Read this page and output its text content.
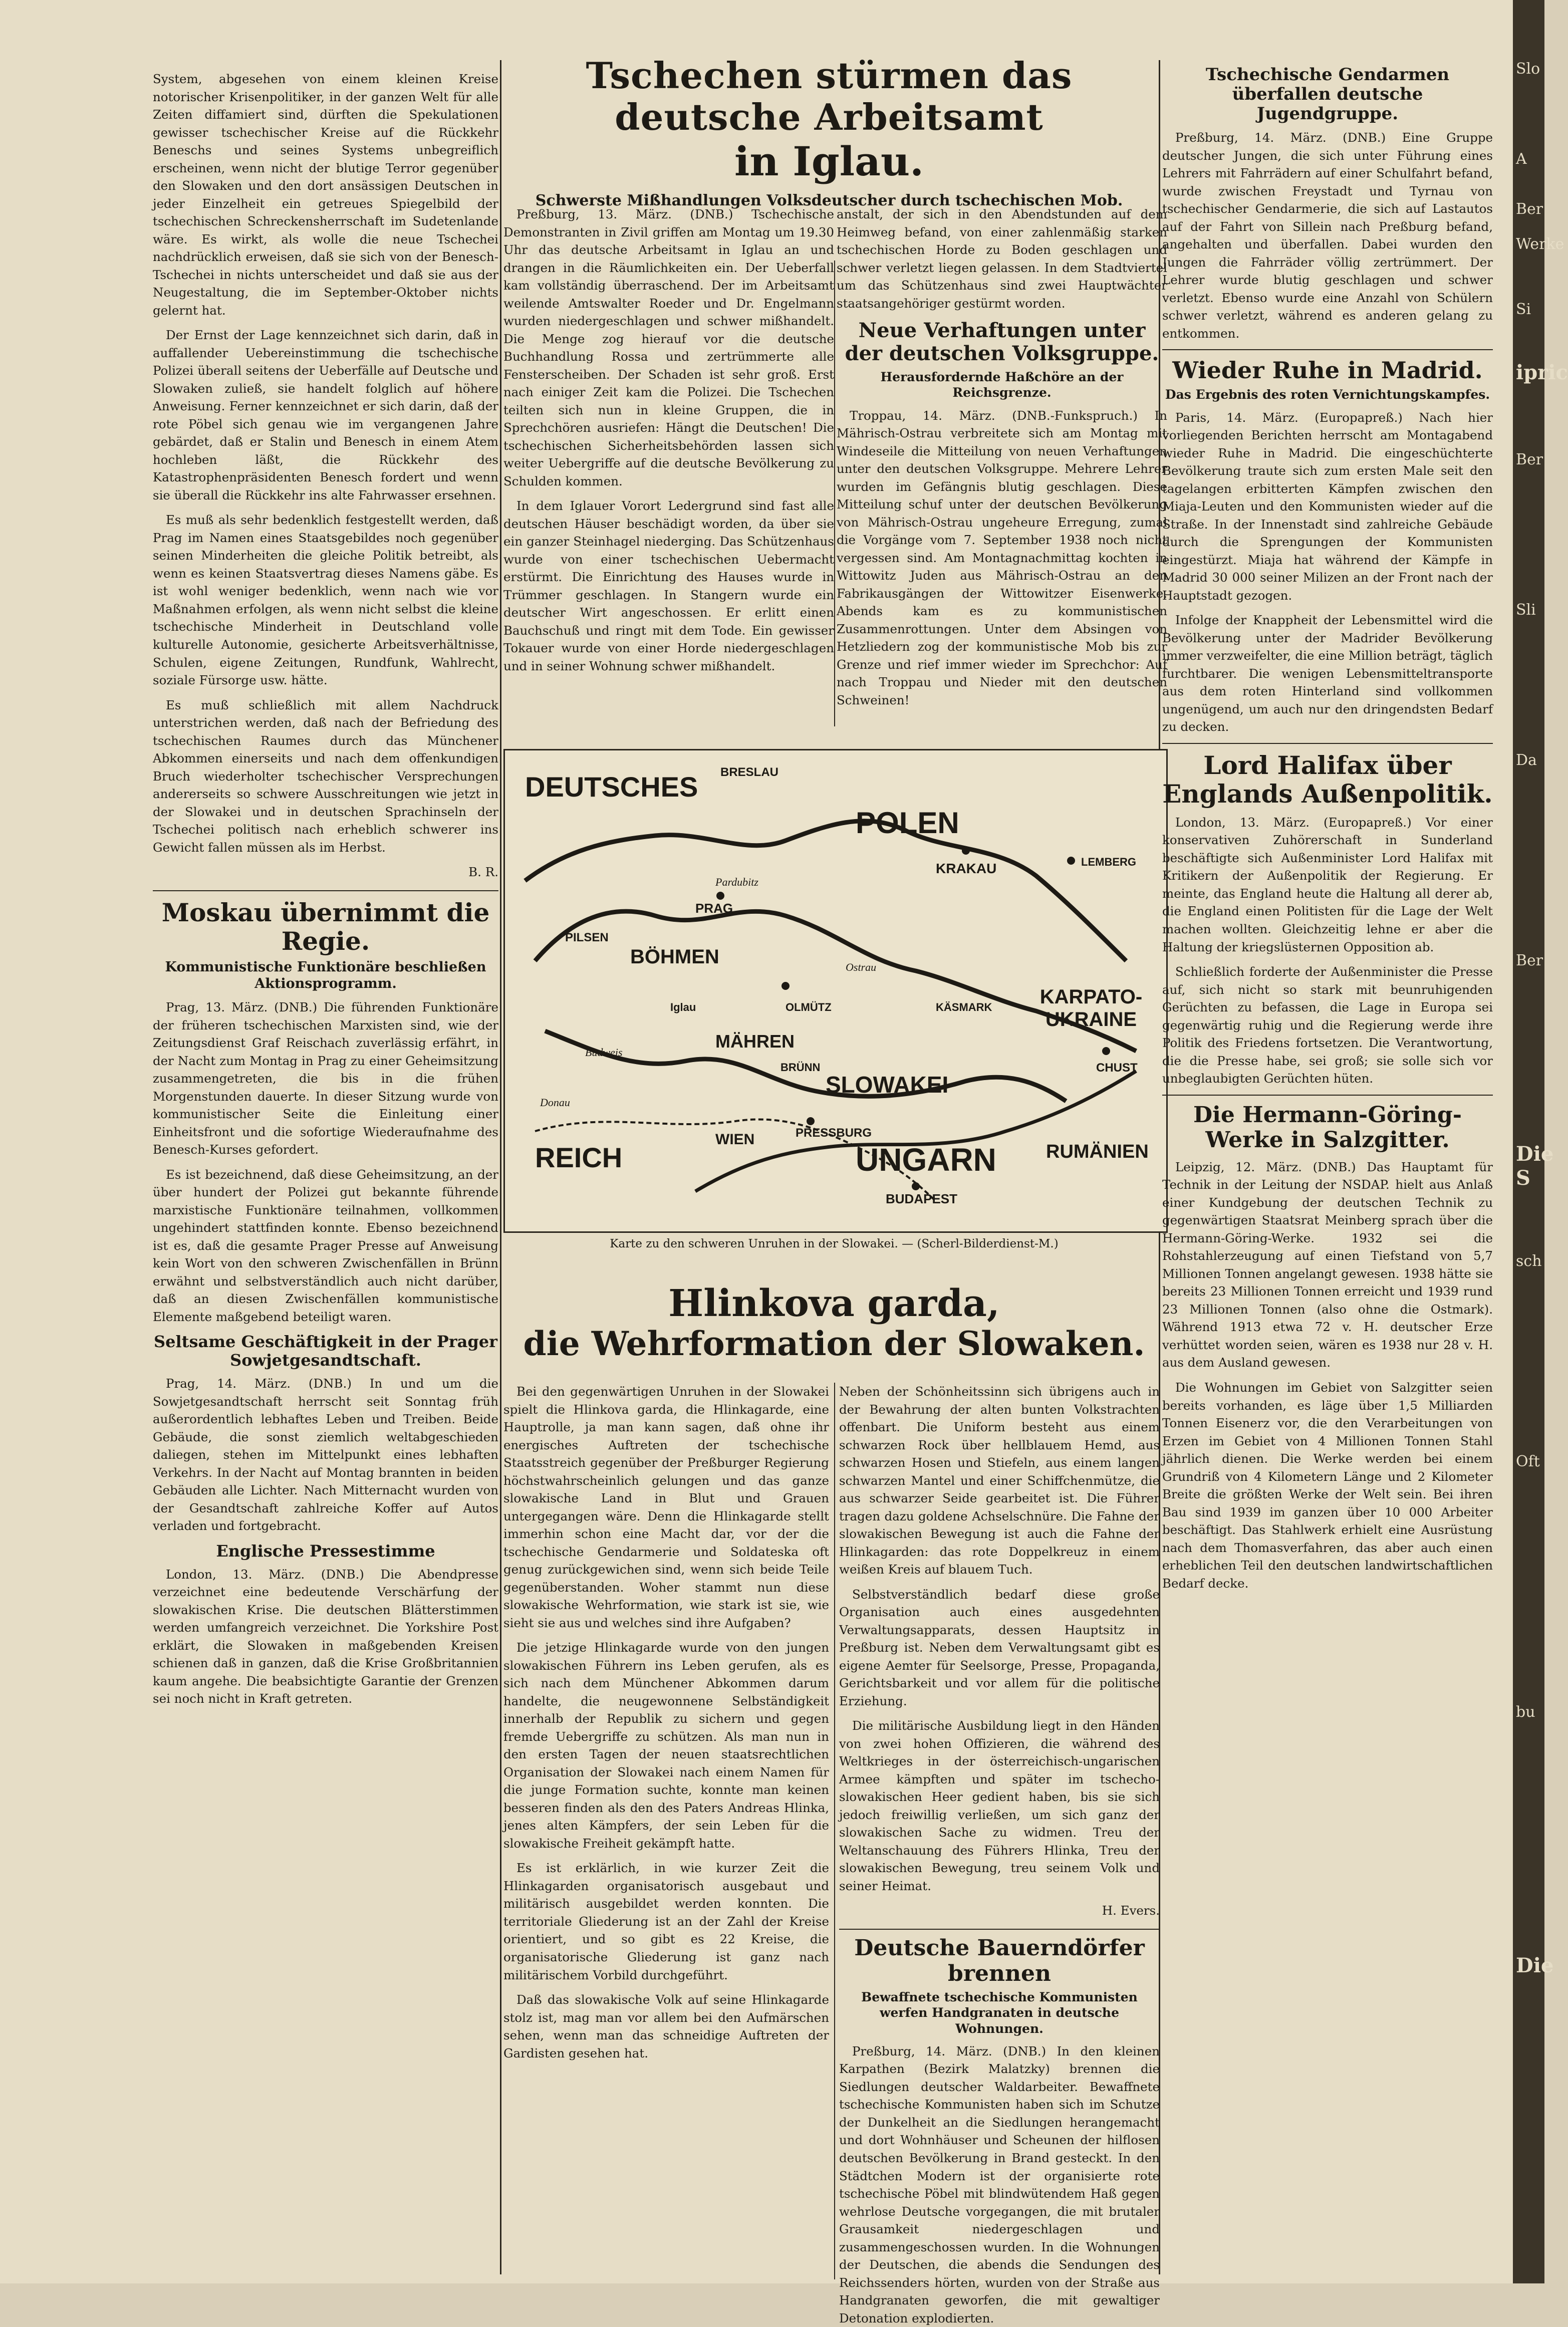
System, abgesehen von einem kleinen Kreise notorischer Krisenpolitiker, in der ganzen Welt für alle Zeiten diffamiert sind, dürften die Spekulationen gewisser tschechischer Kreise auf die Rückkehr Beneschs und seines Systems unbegreiflich erscheinen, wenn nicht der blutige Terror gegenüber den Slowaken und den dort ansässigen Deutschen in jeder Einzelheit ein getreues Spiegelbild der tschechischen Schreckensherrschaft im Sudetenlande wäre. Es wirkt, als wolle die neue Tschechei nachdrücklich erweisen, daß sie sich von der Benesch-Tschechei in nichts unterscheidet und daß sie aus der Neugestaltung, die im September-Oktober nichts gelernt hat.

Der Ernst der Lage kennzeichnet sich darin, daß in auffallender Uebereinstimmung die tschechische Polizei überall seitens der Ueberfälle auf Deutsche und Slowaken zuließ, sie handelt folglich auf höhere Anweisung. Ferner kennzeichnet er sich darin, daß der rote Pöbel sich genau wie im vergangenen Jahre gebärdet, daß er Stalin und Benesch in einem Atem hochleben läßt, die Rückkehr des Katastrophenpräsidenten Benesch fordert und wenn sie überall die Rückkehr ins alte Fahrwasser ersehnen.

Es muß als sehr bedenklich festgestellt werden, daß Prag im Namen eines Staatsgebildes noch gegenüber seinen Minderheiten die gleiche Politik betreibt, als wenn es keinen Staatsvertrag dieses Namens gäbe. Es ist wohl weniger bedenklich, wenn nach wie vor Maßnahmen erfolgen, als wenn nicht selbst die kleine tschechische Minderheit in Deutschland volle kulturelle Autonomie, gesicherte Arbeitsverhältnisse, Schulen, eigene Zeitungen, Rundfunk, Wahlrecht, soziale Fürsorge usw. hätte.

Es muß schließlich mit allem Nachdruck unterstrichen werden, daß nach der Befriedung des tschechischen Raumes durch das Münchener Abkommen einerseits und nach dem offenkundigen Bruch wiederholter tschechischer Versprechungen andererseits so schwere Ausschreitungen wie jetzt in der Slowakei und in deutschen Sprachinseln der Tschechei politisch nach erheblich schwerer ins Gewicht fallen müssen als im Herbst.

B. R.

Moskau übernimmt die Regie.

Kommunistische Funktionäre beschließen Aktionsprogramm.

Prag, 13. März. (DNB.) Die führenden Funktionäre der früheren tschechischen Marxisten sind, wie der Zeitungsdienst Graf Reischach zuverlässig erfährt, in der Nacht zum Montag in Prag zu einer Geheimsitzung zusammengetreten, die bis in die frühen Morgenstunden dauerte. In dieser Sitzung wurde von kommunistischer Seite die Einleitung einer Einheitsfront und die sofortige Wiederaufnahme des Benesch-Kurses gefordert.

Es ist bezeichnend, daß diese Geheimsitzung, an der über hundert der Polizei gut bekannte führende marxistische Funktionäre teilnahmen, vollkommen ungehindert stattfinden konnte. Ebenso bezeichnend ist es, daß die gesamte Prager Presse auf Anweisung kein Wort von den schweren Zwischenfällen in Brünn erwähnt und selbstverständlich auch nicht darüber, daß an diesen Zwischenfällen kommunistische Elemente maßgebend beteiligt waren.

Seltsame Geschäftigkeit in der Prager Sowjetgesandtschaft.

Prag, 14. März. (DNB.) In und um die Sowjetgesandtschaft herrscht seit Sonntag früh außerordentlich lebhaftes Leben und Treiben. Beide Gebäude, die sonst ziemlich weltabgeschieden daliegen, stehen im Mittelpunkt eines lebhaften Verkehrs. In der Nacht auf Montag brannten in beiden Gebäuden alle Lichter. Nach Mitternacht wurden von der Gesandtschaft zahlreiche Koffer auf Autos verladen und fortgebracht.

Englische Pressestimme

London, 13. März. (DNB.) Die Abendpresse verzeichnet eine bedeutende Verschärfung der slowakischen Krise. Die deutschen Blätterstimmen werden umfangreich verzeichnet. Die Yorkshire Post erklärt, die Slowaken in maßgebenden Kreisen schienen daß in ganzen, daß die Krise Großbritannien kaum angehe. Die beabsichtigte Garantie der Grenzen sei noch nicht in Kraft getreten.

Tschechen stürmen das deutsche Arbeitsamt
in Iglau.
Schwerste Mißhandlungen Volksdeutscher durch tschechischen Mob.

Preßburg, 13. März. (DNB.) Tschechische Demonstranten in Zivil griffen am Montag um 19.30 Uhr das deutsche Arbeitsamt in Iglau an und drangen in die Räumlichkeiten ein. Der Ueberfall kam vollständig überraschend. Der im Arbeitsamt weilende Amtswalter Roeder und Dr. Engelmann wurden niedergeschlagen und schwer mißhandelt. Die Menge zog hierauf vor die deutsche Buchhandlung Rossa und zertrümmerte alle Fensterscheiben. Der Schaden ist sehr groß. Erst nach einiger Zeit kam die Polizei. Die Tschechen teilten sich nun in kleine Gruppen, die in Sprechchören ausriefen: Hängt die Deutschen! Die tschechischen Sicherheitsbehörden lassen sich weiter Uebergriffe auf die deutsche Bevölkerung zu Schulden kommen.

In dem Iglauer Vorort Ledergrund sind fast alle deutschen Häuser beschädigt worden, da über sie ein ganzer Steinhagel niederging. Das Schützenhaus wurde von einer tschechischen Uebermacht erstürmt. Die Einrichtung des Hauses wurde in Trümmer geschlagen. In Stangern wurde ein deutscher Wirt angeschossen. Er erlitt einen Bauchschuß und ringt mit dem Tode. Ein gewisser Tokauer wurde von einer Horde niedergeschlagen und in seiner Wohnung schwer mißhandelt.

anstalt, der sich in den Abendstunden auf dem Heimweg befand, von einer zahlenmäßig starken tschechischen Horde zu Boden geschlagen und schwer verletzt liegen gelassen. In dem Stadtviertel um das Schützenhaus sind zwei Hauptwächter staatsangehöriger gestürmt worden.

Neue Verhaftungen unter der deutschen Volksgruppe.

Herausfordernde Haßchöre an der Reichsgrenze.

Troppau, 14. März. (DNB.-Funkspruch.) In Mährisch-Ostrau verbreitete sich am Montag mit Windeseile die Mitteilung von neuen Verhaftungen unter den deutschen Volksgruppe. Mehrere Lehrer wurden im Gefängnis blutig geschlagen. Diese Mitteilung schuf unter der deutschen Bevölkerung von Mährisch-Ostrau ungeheure Erregung, zumal die Vorgänge vom 7. September 1938 noch nicht vergessen sind. Am Montagnachmittag kochten in Wittowitz Juden aus Mährisch-Ostrau an den Fabrikausgängen der Wittowitzer Eisenwerke. Abends kam es zu kommunistischen Zusammenrottungen. Unter dem Absingen von Hetzliedern zog der kommunistische Mob bis zur Grenze und rief immer wieder im Sprechchor: Auf nach Troppau und Nieder mit den deutschen Schweinen!

DEUTSCHES BRESLAU
POLEN
PRAG
BÖHMEN
PILSEN
MÄHREN
BRÜNN
KRAKAU	LEMBERG
SLOWAKEI
KARPATO-UKRAINE
CHUST
REICH
WIEN	PRESSBURG
UNGARN
BUDAPEST
RUMÄNIEN
OLMÜTZ	KÄSMARK
Donau
Budweis
Iglau
Pardubitz
Ostrau
Karte zu den schweren Unruhen in der Slowakei. — (Scherl-Bilderdienst-M.)
Hlinkova garda,
die Wehrformation der Slowaken.

Bei den gegenwärtigen Unruhen in der Slowakei spielt die Hlinkova garda, die Hlinkagarde, eine Hauptrolle, ja man kann sagen, daß ohne ihr energisches Auftreten der tschechische Staatsstreich gegenüber der Preßburger Regierung höchstwahrscheinlich gelungen und das ganze slowakische Land in Blut und Grauen untergegangen wäre. Denn die Hlinkagarde stellt immerhin schon eine Macht dar, vor der die tschechische Gendarmerie und Soldateska oft genug zurückgewichen sind, wenn sich beide Teile gegenüberstanden. Woher stammt nun diese slowakische Wehrformation, wie stark ist sie, wie sieht sie aus und welches sind ihre Aufgaben?

Die jetzige Hlinkagarde wurde von den jungen slowakischen Führern ins Leben gerufen, als es sich nach dem Münchener Abkommen darum handelte, die neugewonnene Selbständigkeit innerhalb der Republik zu sichern und gegen fremde Uebergriffe zu schützen. Als man nun in den ersten Tagen der neuen staatsrechtlichen Organisation der Slowakei nach einem Namen für die junge Formation suchte, konnte man keinen besseren finden als den des Paters Andreas Hlinka, jenes alten Kämpfers, der sein Leben für die slowakische Freiheit gekämpft hatte.

Es ist erklärlich, in wie kurzer Zeit die Hlinkagarden organisatorisch ausgebaut und militärisch ausgebildet werden konnten. Die territoriale Gliederung ist an der Zahl der Kreise orientiert, und so gibt es 22 Kreise, die organisatorische Gliederung ist ganz nach militärischem Vorbild durchgeführt.

Daß das slowakische Volk auf seine Hlinkagarde stolz ist, mag man vor allem bei den Aufmärschen sehen, wenn man das schneidige Auftreten der Gardisten gesehen hat.

Neben der Schönheitssinn sich übrigens auch in der Bewahrung der alten bunten Volkstrachten offenbart. Die Uniform besteht aus einem schwarzen Rock über hellblauem Hemd, aus schwarzen Hosen und Stiefeln, aus einem langen schwarzen Mantel und einer Schiffchenmütze, die aus schwarzer Seide gearbeitet ist. Die Führer tragen dazu goldene Achselschnüre. Die Fahne der slowakischen Bewegung ist auch die Fahne der Hlinkagarden: das rote Doppelkreuz in einem weißen Kreis auf blauem Tuch.

Selbstverständlich bedarf diese große Organisation auch eines ausgedehnten Verwaltungsapparats, dessen Hauptsitz in Preßburg ist. Neben dem Verwaltungsamt gibt es eigene Aemter für Seelsorge, Presse, Propaganda, Gerichtsbarkeit und vor allem für die politische Erziehung.

Die militärische Ausbildung liegt in den Händen von zwei hohen Offizieren, die während des Weltkrieges in der österreichisch-ungarischen Armee kämpften und später im tschecho-slowakischen Heer gedient haben, bis sie sich jedoch freiwillig verließen, um sich ganz der slowakischen Sache zu widmen. Treu der Weltanschauung des Führers Hlinka, Treu der slowakischen Bewegung, treu seinem Volk und seiner Heimat.

H. Evers.

Deutsche Bauerndörfer brennen

Bewaffnete tschechische Kommunisten werfen Handgranaten in deutsche Wohnungen.

Preßburg, 14. März. (DNB.) In den kleinen Karpathen (Bezirk Malatzky) brennen die Siedlungen deutscher Waldarbeiter. Bewaffnete tschechische Kommunisten haben sich im Schutze der Dunkelheit an die Siedlungen herangemacht und dort Wohnhäuser und Scheunen der hilflosen deutschen Bevölkerung in Brand gesteckt. In den Städtchen Modern ist der organisierte rote tschechische Pöbel mit blindwütendem Haß gegen wehrlose Deutsche vorgegangen, die mit brutaler Grausamkeit niedergeschlagen und zusammengeschossen wurden. In die Wohnungen der Deutschen, die abends die Sendungen des Reichssenders hörten, wurden von der Straße aus Handgranaten geworfen, die mit gewaltiger Detonation explodierten.

Tschechische Gendarmen überfallen deutsche Jugendgruppe.

Preßburg, 14. März. (DNB.) Eine Gruppe deutscher Jungen, die sich unter Führung eines Lehrers mit Fahrrädern auf einer Schulfahrt befand, wurde zwischen Freystadt und Tyrnau von tschechischer Gendarmerie, die sich auf Lastautos auf der Fahrt von Sillein nach Preßburg befand, angehalten und überfallen. Dabei wurden den Jungen die Fahrräder völlig zertrümmert. Der Lehrer wurde blutig geschlagen und schwer verletzt. Ebenso wurde eine Anzahl von Schülern schwer verletzt, während es anderen gelang zu entkommen.

Wieder Ruhe in Madrid.

Das Ergebnis des roten Vernichtungskampfes.

Paris, 14. März. (Europapreß.) Nach hier vorliegenden Berichten herrscht am Montagabend wieder Ruhe in Madrid. Die eingeschüchterte Bevölkerung traute sich zum ersten Male seit den tagelangen erbitterten Kämpfen zwischen den Miaja-Leuten und den Kommunisten wieder auf die Straße. In der Innenstadt sind zahlreiche Gebäude durch die Sprengungen der Kommunisten eingestürzt. Miaja hat während der Kämpfe in Madrid 30 000 seiner Milizen an der Front nach der Hauptstadt gezogen.

Infolge der Knappheit der Lebensmittel wird die Bevölkerung unter der Madrider Bevölkerung immer verzweifelter, die eine Million beträgt, täglich furchtbarer. Die wenigen Lebensmitteltransporte aus dem roten Hinterland sind vollkommen ungenügend, um auch nur den dringendsten Bedarf zu decken.

Lord Halifax über Englands Außenpolitik.

London, 13. März. (Europapreß.) Vor einer konservativen Zuhörerschaft in Sunderland beschäftigte sich Außenminister Lord Halifax mit Kritikern der Außenpolitik der Regierung. Er meinte, das England heute die Haltung all derer ab, die England einen Politisten für die Lage der Welt machen wollten. Gleichzeitig lehne er aber die Haltung der kriegslüsternen Opposition ab.

Schließlich forderte der Außenminister die Presse auf, sich nicht so stark mit beunruhigenden Gerüchten zu befassen, die Lage in Europa sei gegenwärtig ruhig und die Regierung werde ihre Politik des Friedens fortsetzen. Die Verantwortung, die die Presse habe, sei groß; sie solle sich vor unbeglaubigten Gerüchten hüten.

Die Hermann-Göring-Werke in Salzgitter.

Leipzig, 12. März. (DNB.) Das Hauptamt für Technik in der Leitung der NSDAP. hielt aus Anlaß einer Kundgebung der deutschen Technik zu gegenwärtigen Staatsrat Meinberg sprach über die Hermann-Göring-Werke. 1932 sei die Rohstahlerzeugung auf einen Tiefstand von 5,7 Millionen Tonnen angelangt gewesen. 1938 hätte sie bereits 23 Millionen Tonnen erreicht und 1939 rund 23 Millionen Tonnen (also ohne die Ostmark). Während 1913 etwa 72 v. H. deutscher Erze verhüttet worden seien, wären es 1938 nur 28 v. H. aus dem Ausland gewesen.

Die Wohnungen im Gebiet von Salzgitter seien bereits vorhanden, es läge über 1,5 Milliarden Tonnen Eisenerz vor, die den Verarbeitungen von Erzen im Gebiet von 4 Millionen Tonnen Stahl jährlich dienen. Die Werke werden bei einem Grundriß von 4 Kilometern Länge und 2 Kilometer Breite die größten Werke der Welt sein. Bei ihren Bau sind 1939 im ganzen über 10 000 Arbeiter beschäftigt. Das Stahlwerk erhielt eine Ausrüstung nach dem Thomasverfahren, das aber auch einen erheblichen Teil den deutschen landwirtschaftlichen Bedarf decke.

Slo
A
Ber
Werke
Si
ipric
Ber
Sli
Da
Ber
Die S
sch
Oft
bu
Die
